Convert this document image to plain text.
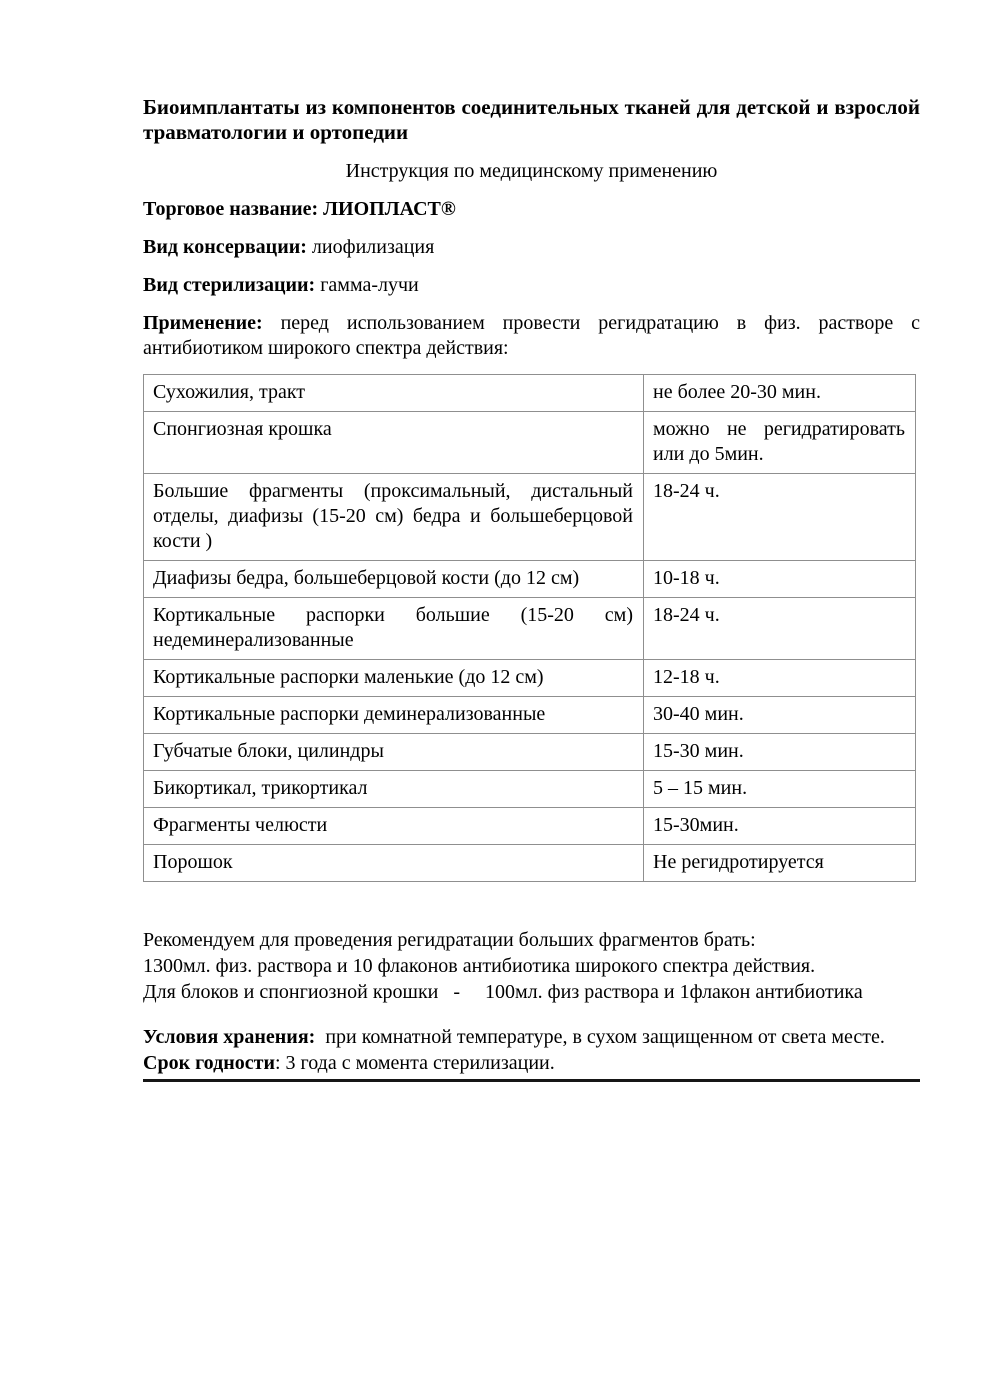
Биоимплантаты из компонентов соединительных тканей для детской и взрослой травматологии и ортопедии

Инструкция по медицинскому применению

Торговое название: ЛИОПЛАСТ®

Вид консервации: лиофилизация

Вид стерилизации: гамма-лучи

Применение: перед использованием провести регидратацию в физ. растворе с антибиотиком широкого спектра действия:

Сухожилия, тракт	не более 20-30 мин.
Спонгиозная крошка	можно не регидратировать или до 5мин.
Большие фрагменты (проксимальный, дистальный отделы, диафизы (15-20 см) бедра и большеберцовой кости )	18-24 ч.
Диафизы бедра, большеберцовой кости (до 12 см)	10-18 ч.
Кортикальные распорки большие (15-20 см) недеминерализованные	18-24 ч.
Кортикальные распорки маленькие (до 12 см)	12-18 ч.
Кортикальные распорки деминерализованные	30-40 мин.
Губчатые блоки, цилиндры	15-30 мин.
Бикортикал, трикортикал	5 – 15 мин.
Фрагменты челюсти	15-30мин.
Порошок	Не регидротируется
Рекомендуем для проведения регидратации больших фрагментов брать:
1300мл. физ. раствора и 10 флаконов антибиотика широкого спектра действия.
Для блоков и спонгиозной крошки   -     100мл. физ раствора и 1флакон антибиотика

Условия хранения:  при комнатной температуре, в сухом защищенном от света месте.

Срок годности: 3 года с момента стерилизации.
